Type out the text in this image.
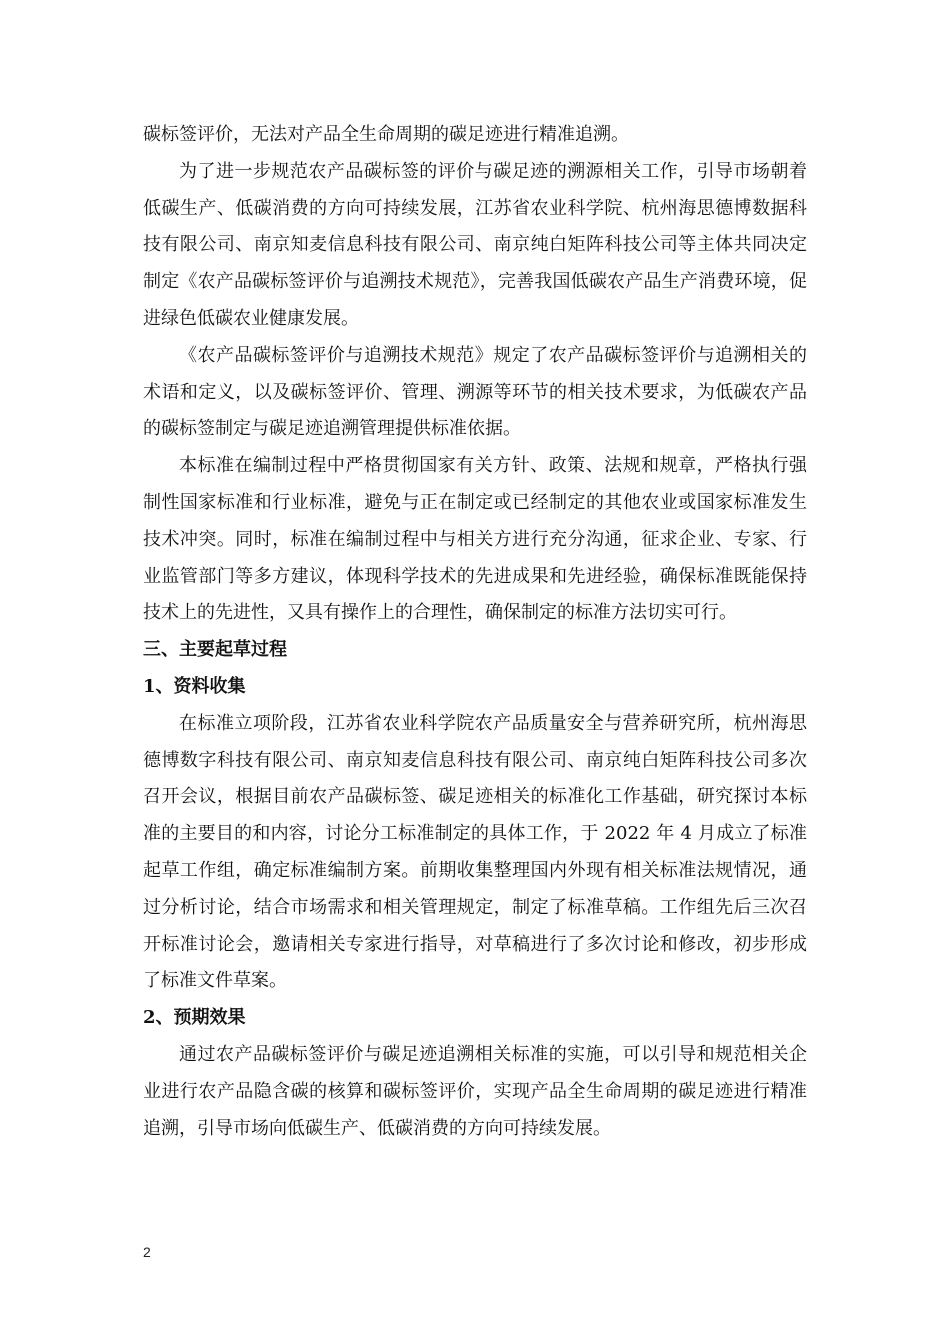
碳标签评价，无法对产品全生命周期的碳足迹进行精准追溯。

为了进一步规范农产品碳标签的评价与碳足迹的溯源相关工作，引导市场朝着低碳生产、低碳消费的方向可持续发展，江苏省农业科学院、杭州海思德博数据科技有限公司、南京知麦信息科技有限公司、南京纯白矩阵科技公司等主体共同决定制定《农产品碳标签评价与追溯技术规范》，完善我国低碳农产品生产消费环境，促进绿色低碳农业健康发展。

《农产品碳标签评价与追溯技术规范》规定了农产品碳标签评价与追溯相关的术语和定义，以及碳标签评价、管理、溯源等环节的相关技术要求，为低碳农产品的碳标签制定与碳足迹追溯管理提供标准依据。

本标准在编制过程中严格贯彻国家有关方针、政策、法规和规章，严格执行强制性国家标准和行业标准，避免与正在制定或已经制定的其他农业或国家标准发生技术冲突。同时，标准在编制过程中与相关方进行充分沟通，征求企业、专家、行业监管部门等多方建议，体现科学技术的先进成果和先进经验，确保标准既能保持技术上的先进性，又具有操作上的合理性，确保制定的标准方法切实可行。

三、主要起草过程

1、资料收集

在标准立项阶段，江苏省农业科学院农产品质量安全与营养研究所，杭州海思德博数字科技有限公司、南京知麦信息科技有限公司、南京纯白矩阵科技公司多次召开会议，根据目前农产品碳标签、碳足迹相关的标准化工作基础，研究探讨本标准的主要目的和内容，讨论分工标准制定的具体工作，于 2022 年 4 月成立了标准起草工作组，确定标准编制方案。前期收集整理国内外现有相关标准法规情况，通过分析讨论，结合市场需求和相关管理规定，制定了标准草稿。工作组先后三次召开标准讨论会，邀请相关专家进行指导，对草稿进行了多次讨论和修改，初步形成了标准文件草案。

2、预期效果

通过农产品碳标签评价与碳足迹追溯相关标准的实施，可以引导和规范相关企业进行农产品隐含碳的核算和碳标签评价，实现产品全生命周期的碳足迹进行精准追溯，引导市场向低碳生产、低碳消费的方向可持续发展。

2
